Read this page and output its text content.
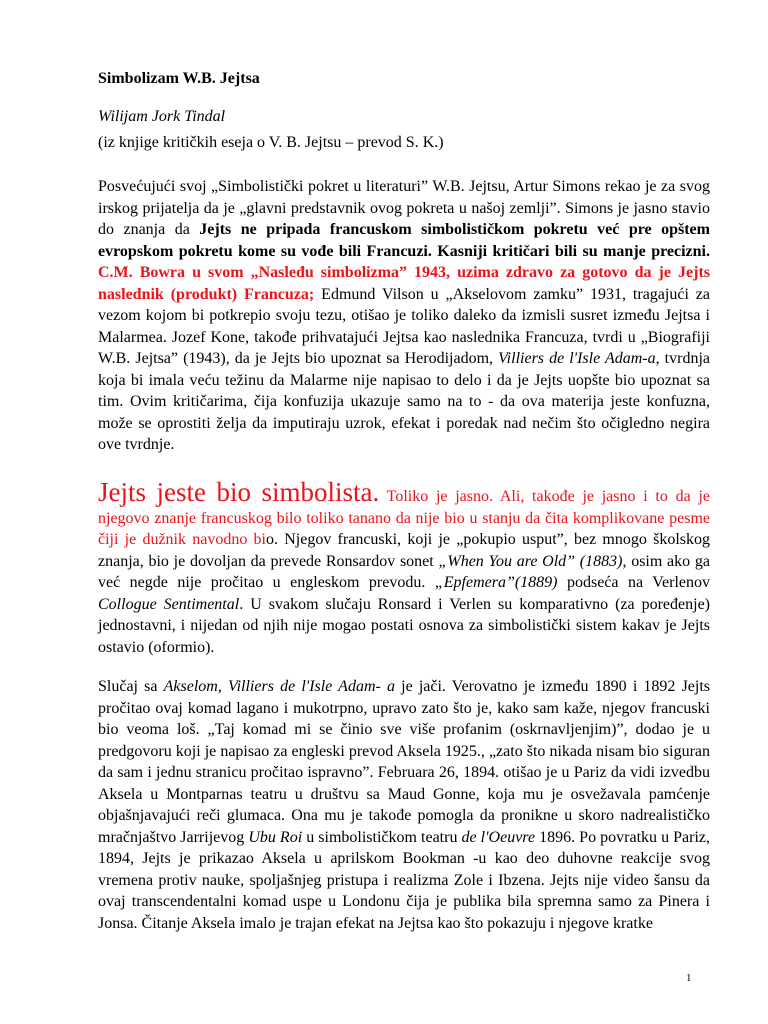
Simbolizam W.B. Jejtsa

Wilijam Jork Tindal

(iz knjige kritičkih eseja o V. B. Jejtsu – prevod S. K.)

Posvećujući svoj „Simbolistički pokret u literaturi” W.B. Jejtsu, Artur Simons rekao je za svog irskog prijatelja da je „glavni predstavnik ovog pokreta u našoj zemlji”. Simons je jasno stavio do znanja da Jejts ne pripada francuskom simbolističkom pokretu već pre opštem evropskom pokretu kome su vođe bili Francuzi. Kasniji kritičari bili su manje precizni. C.M. Bowra u svom „Nasleđu simbolizma” 1943, uzima zdravo za gotovo da je Jejts naslednik (produkt) Francuza; Edmund Vilson u „Akselovom zamku” 1931, tragajući za vezom kojom bi potkrepio svoju tezu, otišao je toliko daleko da izmisli susret između Jejtsa i Malarmea. Jozef Kone, takođe prihvatajući Jejtsa kao naslednika Francuza, tvrdi u „Biografiji W.B. Jejtsa” (1943), da je Jejts bio upoznat sa Herodijadom, Villiers de l'Isle Adam-a, tvrdnja koja bi imala veću težinu da Malarme nije napisao to delo i da je Jejts uopšte bio upoznat sa tim. Ovim kritičarima, čija konfuzija ukazuje samo na to - da ova materija jeste konfuzna, može se oprostiti želja da imputiraju uzrok, efekat i poredak nad nečim što očigledno negira ove tvrdnje.

Jejts jeste bio simbolista. Toliko je jasno. Ali, takođe je jasno i to da je njegovo znanje francuskog bilo toliko tanano da nije bio u stanju da čita komplikovane pesme čiji je dužnik navodno bio. Njegov francuski, koji je „pokupio usput”, bez mnogo školskog znanja, bio je dovoljan da prevede Ronsardov sonet „When You are Old” (1883), osim ako ga već negde nije pročitao u engleskom prevodu. „Epfemera”(1889) podseća na Verlenov Collogue Sentimental. U svakom slučaju Ronsard i Verlen su komparativno (za poređenje) jednostavni, i nijedan od njih nije mogao postati osnova za simbolistički sistem kakav je Jejts ostavio (oformio).

Slučaj sa Akselom, Villiers de l'Isle Adam- a je jači. Verovatno je između 1890 i 1892 Jejts pročitao ovaj komad lagano i mukotrpno, upravo zato što je, kako sam kaže, njegov francuski bio veoma loš. „Taj komad mi se činio sve više profanim (oskrnavljenjim)”, dodao je u predgovoru koji je napisao za engleski prevod Aksela 1925., „zato što nikada nisam bio siguran da sam i jednu stranicu pročitao ispravno”. Februara 26, 1894. otišao je u Pariz da vidi izvedbu Aksela u Montparnas teatru u društvu sa Maud Gonne, koja mu je osvežavala pamćenje objašnjavajući reči glumaca. Ona mu je takođe pomogla da pronikne u skoro nadrealističko mračnjaštvo Jarrijevog Ubu Roi u simbolističkom teatru de l'Oeuvre 1896. Po povratku u Pariz, 1894, Jejts je prikazao Aksela u aprilskom Bookman -u kao deo duhovne reakcije svog vremena protiv nauke, spoljašnjeg pristupa i realizma Zole i Ibzena. Jejts nije video šansu da ovaj transcendentalni komad uspe u Londonu čija je publika bila spremna samo za Pinera i Jonsa. Čitanje Aksela imalo je trajan efekat na Jejtsa kao što pokazuju i njegove kratke

1
